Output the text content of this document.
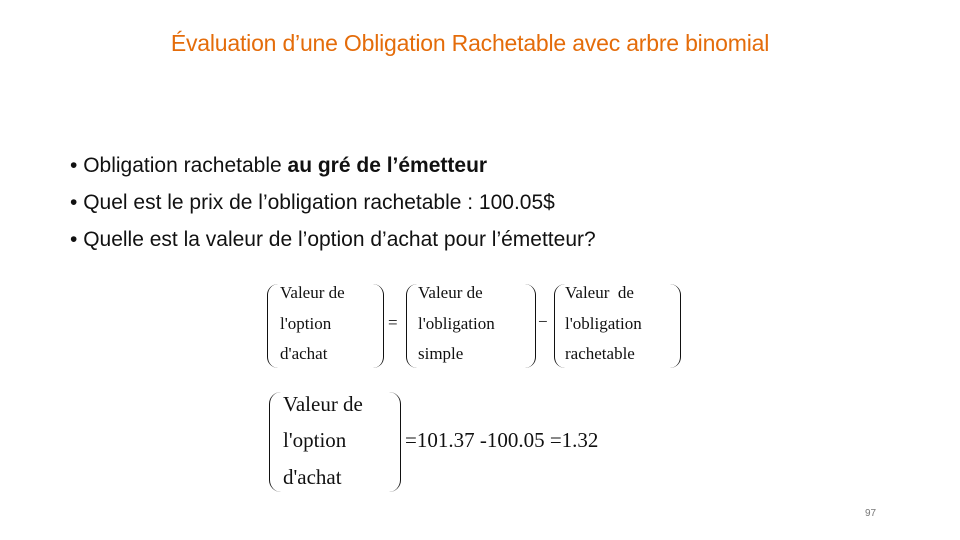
Évaluation d’une Obligation Rachetable avec arbre binomial
• Obligation rachetable au gré de l’émetteur
• Quel est le prix de l’obligation rachetable : 100.05$
• Quelle est la valeur de l’option d’achat pour l’émetteur?
Valeur de
l'option
d'achat
=
Valeur de
l'obligation
simple
−
Valeur  de
l'obligation
rachetable
Valeur de
l'option
d'achat
=101.37 -100.05 =1.32
97
